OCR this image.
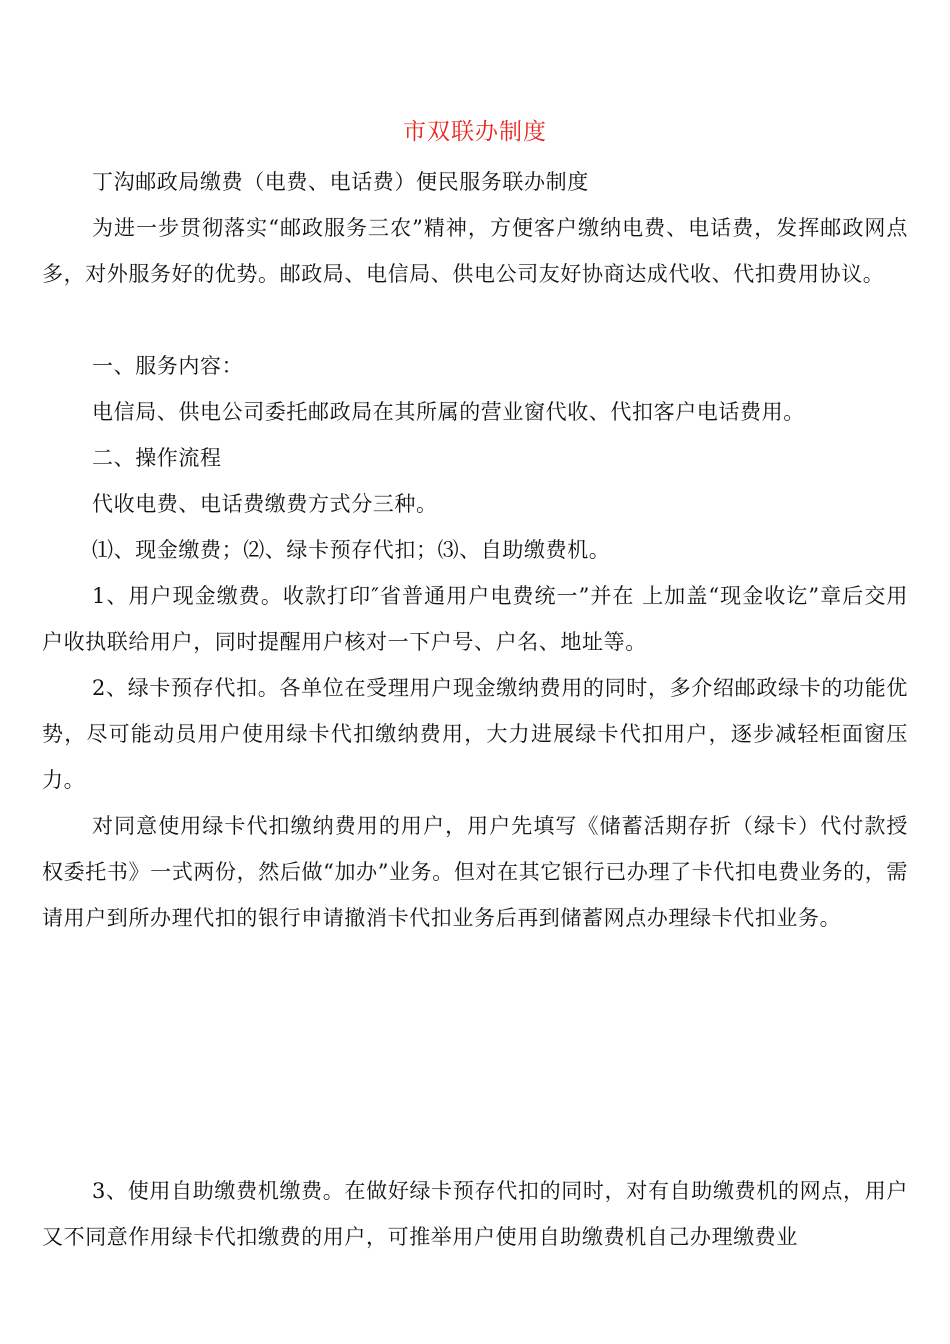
市双联办制度

丁沟邮政局缴费（电费、电话费）便民服务联办制度

为进一步贯彻落实“邮政服务三农”精神，方便客户缴纳电费、电话费，发挥邮政网点多，对外服务好的优势。邮政局、电信局、供电公司友好协商达成代收、代扣费用协议。

一、服务内容：

电信局、供电公司委托邮政局在其所属的营业窗代收、代扣客户电话费用。

二、操作流程

代收电费、电话费缴费方式分三种。

⑴、现金缴费；⑵、绿卡预存代扣；⑶、自助缴费机。

1、用户现金缴费。收款打印″省普通用户电费统一”并在 上加盖“现金收讫”章后交用户收执联给用户，同时提醒用户核对一下户号、户名、地址等。

2、绿卡预存代扣。各单位在受理用户现金缴纳费用的同时，多介绍邮政绿卡的功能优势，尽可能动员用户使用绿卡代扣缴纳费用，大力进展绿卡代扣用户，逐步减轻柜面窗压力。

对同意使用绿卡代扣缴纳费用的用户，用户先填写《储蓄活期存折（绿卡）代付款授权委托书》一式两份，然后做“加办”业务。但对在其它银行已办理了卡代扣电费业务的，需请用户到所办理代扣的银行申请撤消卡代扣业务后再到储蓄网点办理绿卡代扣业务。

3、使用自助缴费机缴费。在做好绿卡预存代扣的同时，对有自助缴费机的网点，用户又不同意作用绿卡代扣缴费的用户，可推举用户使用自助缴费机自己办理缴费业
